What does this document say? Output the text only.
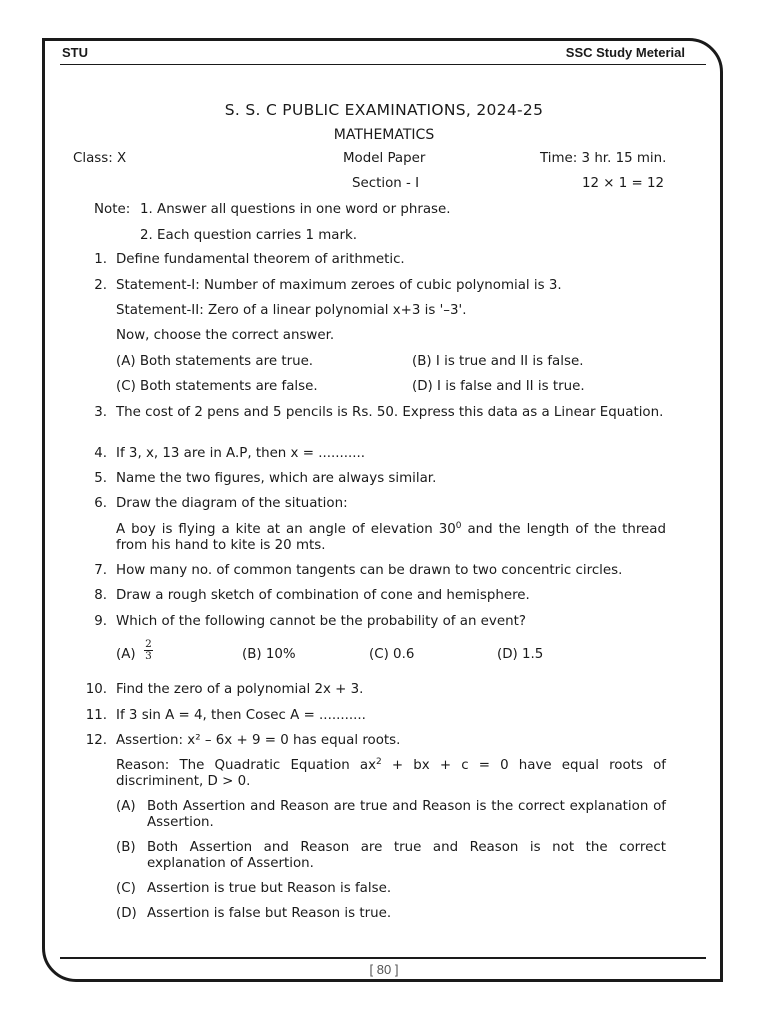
STU	SSC Study Meterial
S. S. C PUBLIC EXAMINATIONS, 2024-25
MATHEMATICS
Class: X	Model Paper	Time: 3 hr. 15 min.
Section - I	12 × 1 = 12
Note: 1. Answer all questions in one word or phrase.
2. Each question carries 1 mark.
1. Define fundamental theorem of arithmetic.
2. Statement-I: Number of maximum zeroes of cubic polynomial is 3.
Statement-II: Zero of a linear polynomial x+3 is '–3'.
Now, choose the correct answer.
(A) Both statements are true.	(B) I is true and II is false.
(C) Both statements are false.	(D) I is false and II is true.
3. The cost of 2 pens and 5 pencils is Rs. 50. Express this data as a Linear Equation.
4. If 3, x, 13 are in A.P, then x = ...........
5. Name the two figures, which are always similar.
6. Draw the diagram of the situation:
A boy is flying a kite at an angle of elevation $30^0$ and the length of the thread from his hand to kite is 20 mts.
7. How many no. of common tangents can be drawn to two concentric circles.
8. Draw a rough sketch of combination of cone and hemisphere.
9. Which of the following cannot be the probability of an event?
(A)
2
3	(B) 10%	(C) 0.6	(D) 1.5
10. Find the zero of a polynomial 2x + 3.
11. If 3 sin A = 4, then Cosec A = ...........
12. Assertion: x² – 6x + 9 = 0 has equal roots.
Reason: The Quadratic Equation $ax^2$ + bx + c = 0 have equal roots of discriminent, D > 0.
(A) Both Assertion and Reason are true and Reason is the correct explanation of Assertion.
(B) Both Assertion and Reason are true and Reason is not the correct explanation of Assertion.
(C) Assertion is true but Reason is false.
(D) Assertion is false but Reason is true.
[ 80 ]
